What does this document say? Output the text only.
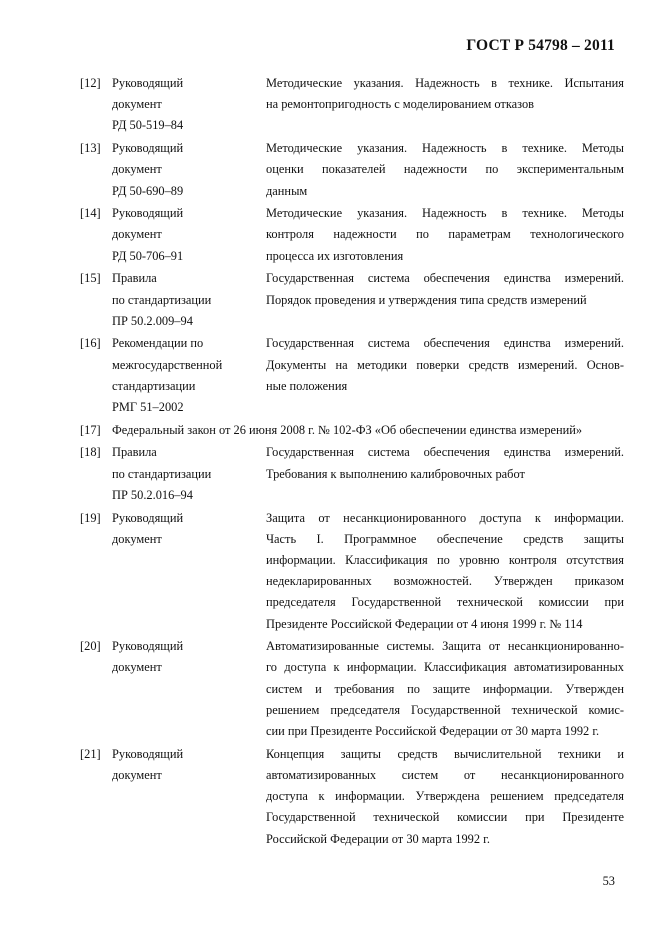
ГОСТ Р 54798 – 2011
[12] Руководящий
документ
РД 50-519–84
Методические указания. Надежность в технике. Испытания
на ремонтопригодность с моделированием отказов
[13] Руководящий
документ
РД 50-690–89
Методические указания. Надежность в технике. Методы
оценки показателей надежности по экспериментальным
данным
[14] Руководящий
документ
РД 50-706–91
Методические указания. Надежность в технике. Методы
контроля надежности по параметрам технологического
процесса их изготовления
[15] Правила
по стандартизации
ПР 50.2.009–94
Государственная система обеспечения единства измерений.
Порядок проведения и утверждения типа средств измерений
[16] Рекомендации по
межгосударственной
стандартизации
РМГ 51–2002
Государственная система обеспечения единства измерений.
Документы на методики поверки средств измерений. Основ-
ные положения
[17] Федеральный закон от 26 июня 2008 г. № 102-ФЗ «Об обеспечении единства измерений»
[18] Правила
по стандартизации
ПР 50.2.016–94
Государственная система обеспечения единства измерений.
Требования к выполнению калибровочных работ
[19] Руководящий
документ
Защита от несанкционированного доступа к информации.
Часть I. Программное обеспечение средств защиты
информации. Классификация по уровню контроля отсутствия
недекларированных возможностей. Утвержден приказом
председателя Государственной технической комиссии при
Президенте Российской Федерации от 4 июня 1999 г. № 114
[20] Руководящий
документ
Автоматизированные системы. Защита от несанкционированно-
го доступа к информации. Классификация автоматизированных
систем и требования по защите информации. Утвержден
решением председателя Государственной технической комис-
сии при Президенте Российской Федерации от 30 марта 1992 г.
[21] Руководящий
документ
Концепция защиты средств вычислительной техники и
автоматизированных систем от несанкционированного
доступа к информации. Утверждена решением председателя
Государственной технической комиссии при Президенте
Российской Федерации от 30 марта 1992 г.
53
